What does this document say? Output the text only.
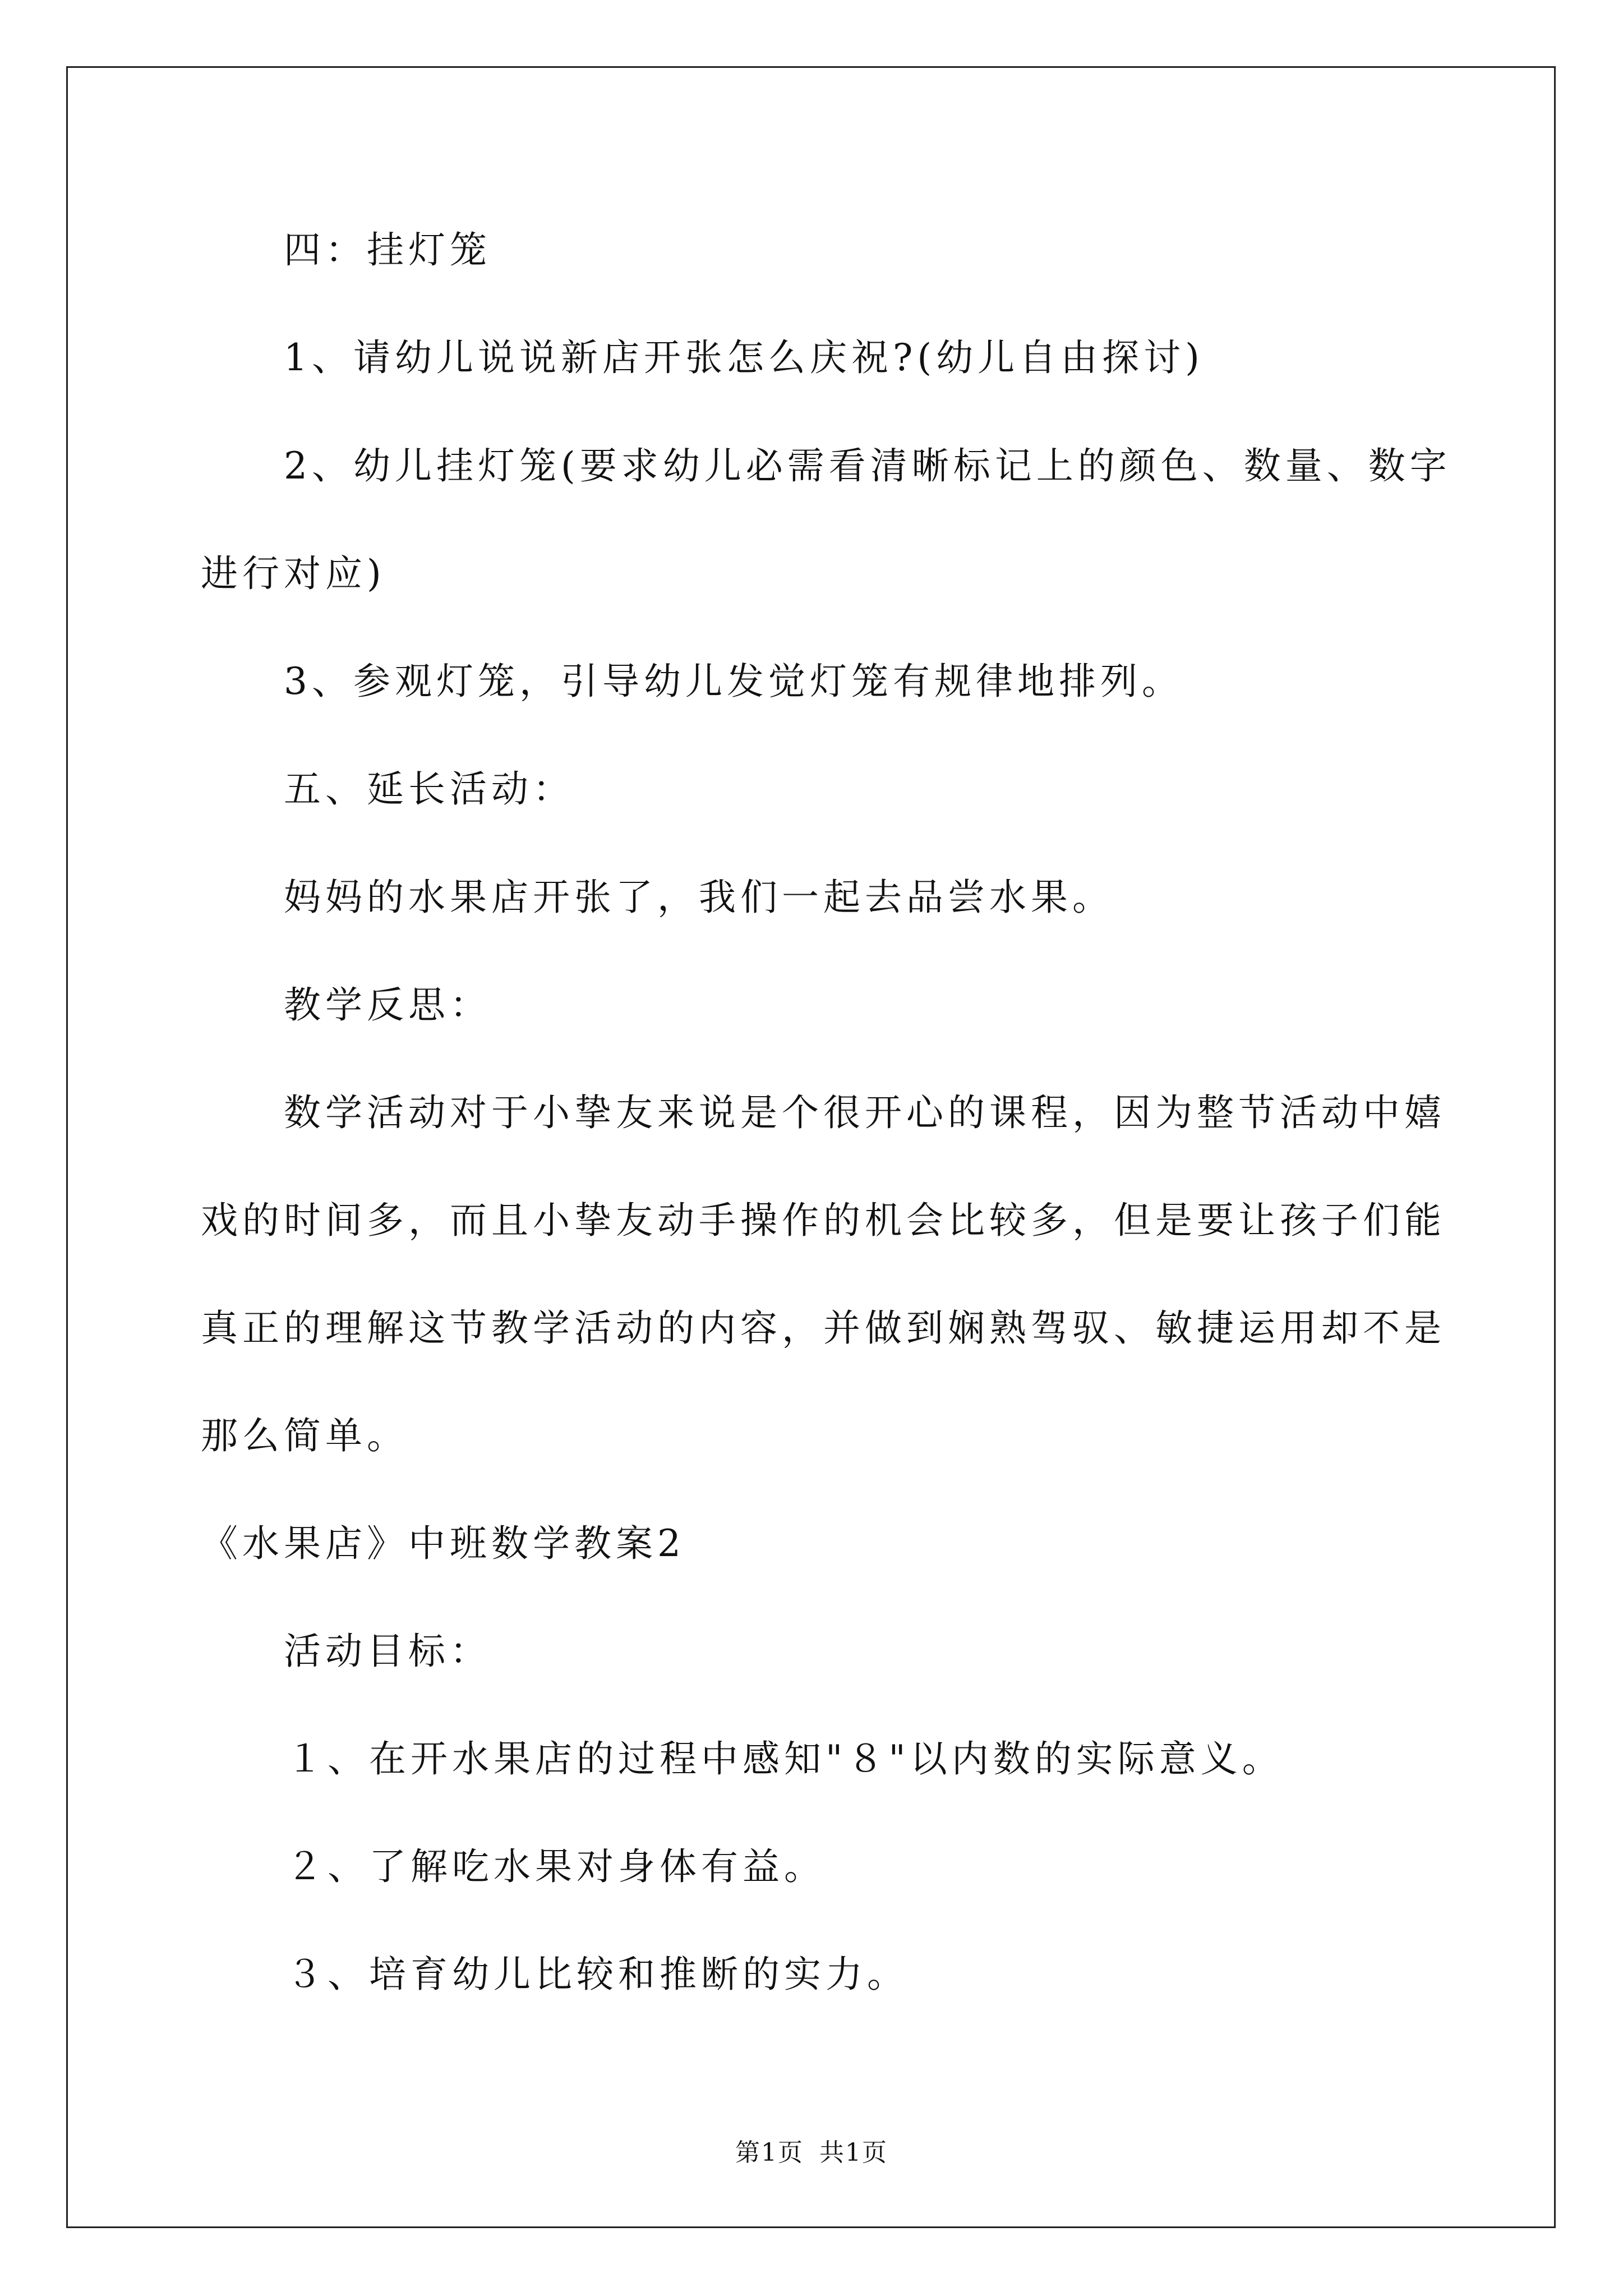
四：挂灯笼
1、请幼儿说说新店开张怎么庆祝?(幼儿自由探讨)
2、幼儿挂灯笼(要求幼儿必需看清晰标记上的颜色、数量、数字
进行对应)
3、参观灯笼，引导幼儿发觉灯笼有规律地排列。
五、延长活动：
妈妈的水果店开张了，我们一起去品尝水果。
教学反思：
数学活动对于小挚友来说是个很开心的课程，因为整节活动中嬉
戏的时间多，而且小挚友动手操作的机会比较多，但是要让孩子们能
真正的理解这节教学活动的内容，并做到娴熟驾驭、敏捷运用却不是
那么简单。
《水果店》中班数学教案2
活动目标：
１、在开水果店的过程中感知"８"以内数的实际意义。
２、了解吃水果对身体有益。
３、培育幼儿比较和推断的实力。
第1页 共1页
